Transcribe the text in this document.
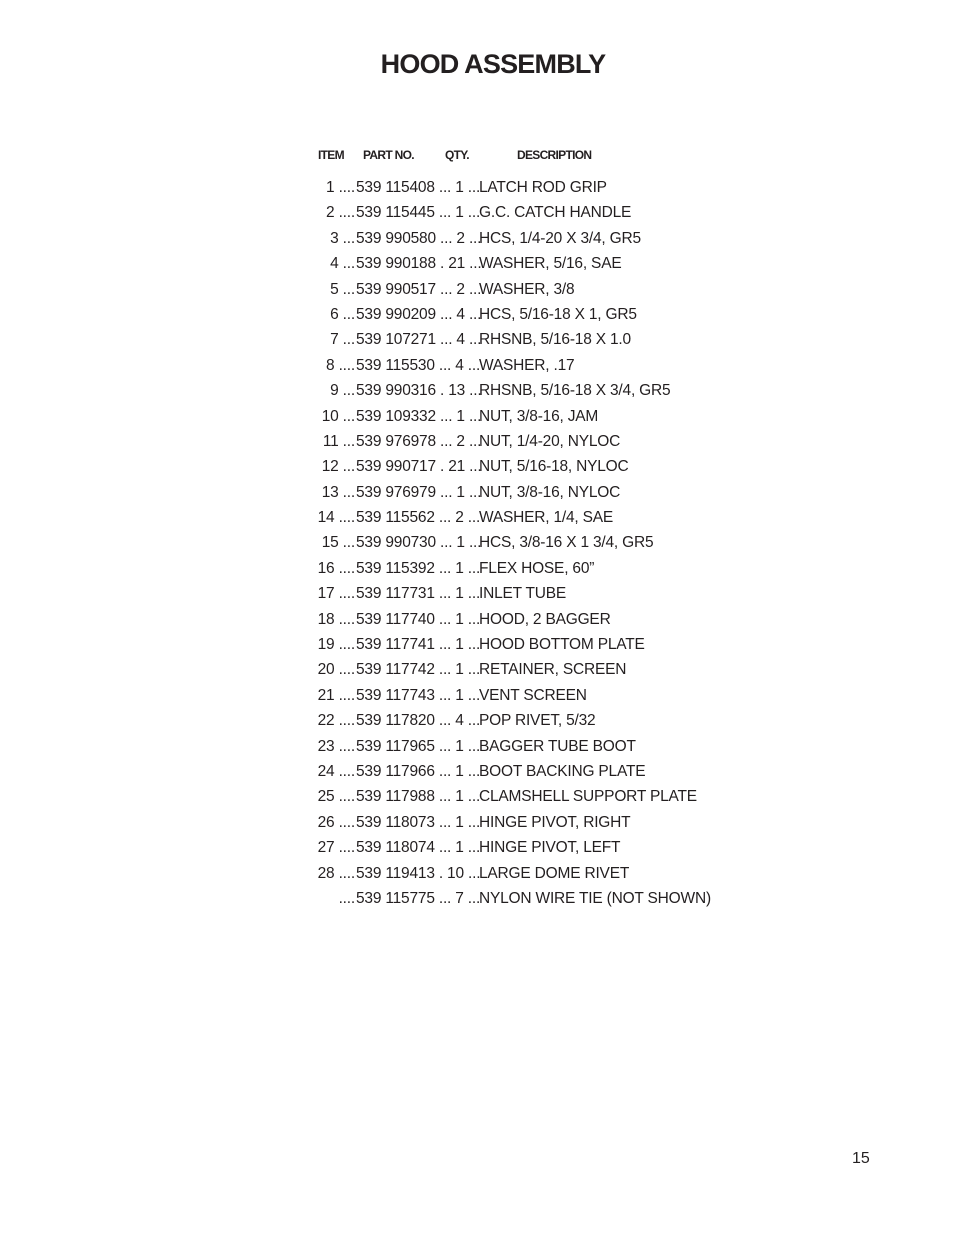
HOOD ASSEMBLY
ITEM PART NO.	QTY.	DESCRIPTION
1 .... 539 115408 ... 1 ...
LATCH ROD GRIP
2 .... 539 115445 ... 1 ...
G.C. CATCH HANDLE
3 ... 539 990580 ... 2 ...
HCS, 1/4-20 X 3/4, GR5
4 ... 539 990188 . 21 ...
WASHER, 5/16, SAE
5 ... 539 990517 ... 2 ...
WASHER, 3/8
6 ... 539 990209 ... 4 ...
HCS, 5/16-18 X 1, GR5
7 ... 539 107271 ... 4 ...
RHSNB, 5/16-18 X 1.0
8 .... 539 115530 ... 4 ...
WASHER, .17
9 ... 539 990316 . 13 ...
RHSNB, 5/16-18 X 3/4, GR5
10 ... 539 109332 ... 1 ...
NUT, 3/8-16, JAM
11 ... 539 976978 ... 2 ...
NUT, 1/4-20, NYLOC
12 ... 539 990717 . 21 ...
NUT, 5/16-18, NYLOC
13 ... 539 976979 ... 1 ...
NUT, 3/8-16, NYLOC
14 .... 539 115562 ... 2 ...
WASHER, 1/4, SAE
15 ... 539 990730 ... 1 ...
HCS, 3/8-16 X 1 3/4, GR5
16 .... 539 115392 ... 1 ...
FLEX HOSE, 60”
17 .... 539 117731 ... 1 ...
INLET TUBE
18 .... 539 117740 ... 1 ...
HOOD, 2 BAGGER
19 .... 539 117741 ... 1 ...
HOOD BOTTOM PLATE
20 .... 539 117742 ... 1 ...
RETAINER, SCREEN
21 .... 539 117743 ... 1 ...
VENT SCREEN
22 .... 539 117820 ... 4 ...
POP RIVET, 5/32
23 .... 539 117965 ... 1 ...
BAGGER TUBE BOOT
24 .... 539 117966 ... 1 ...
BOOT BACKING PLATE
25 .... 539 117988 ... 1 ...
CLAMSHELL SUPPORT PLATE
26 .... 539 118073 ... 1 ...
HINGE PIVOT, RIGHT
27 .... 539 118074 ... 1 ...
HINGE PIVOT, LEFT
28 .... 539 119413 . 10 ...
LARGE DOME RIVET
.... 539 115775 ... 7 ...
NYLON WIRE TIE (NOT SHOWN)
15
